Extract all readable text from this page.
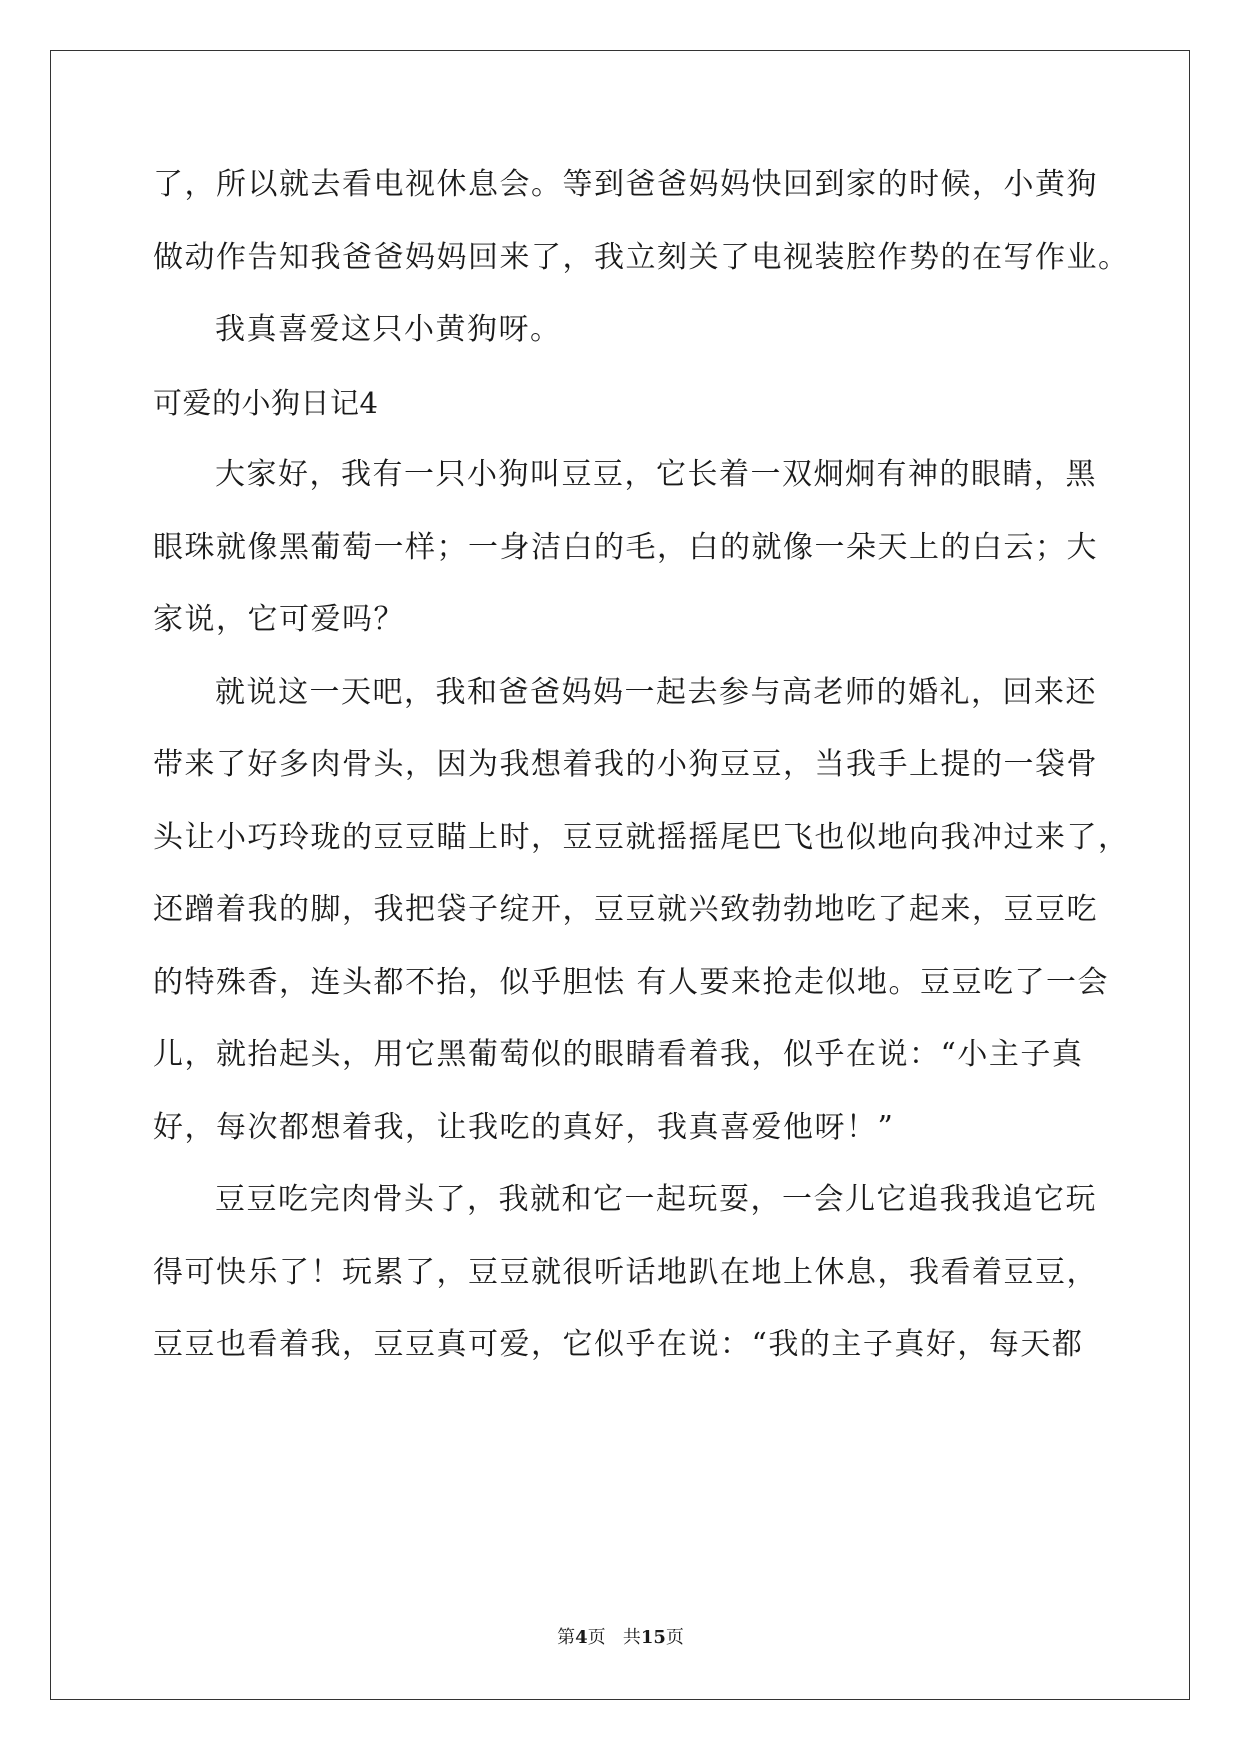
了，所以就去看电视休息会。等到爸爸妈妈快回到家的时候，小黄狗
做动作告知我爸爸妈妈回来了，我立刻关了电视装腔作势的在写作业。
我真喜爱这只小黄狗呀。
可爱的小狗日记4
大家好，我有一只小狗叫豆豆，它长着一双炯炯有神的眼睛，黑
眼珠就像黑葡萄一样；一身洁白的毛，白的就像一朵天上的白云；大
家说，它可爱吗？
就说这一天吧，我和爸爸妈妈一起去参与高老师的婚礼，回来还
带来了好多肉骨头，因为我想着我的小狗豆豆，当我手上提的一袋骨
头让小巧玲珑的豆豆瞄上时，豆豆就摇摇尾巴飞也似地向我冲过来了，
还蹭着我的脚，我把袋子绽开，豆豆就兴致勃勃地吃了起来，豆豆吃
的特殊香，连头都不抬，似乎胆怯 有人要来抢走似地。豆豆吃了一会
儿，就抬起头，用它黑葡萄似的眼睛看着我，似乎在说：“小主子真
好，每次都想着我，让我吃的真好，我真喜爱他呀！”
豆豆吃完肉骨头了，我就和它一起玩耍，一会儿它追我我追它玩
得可快乐了！玩累了，豆豆就很听话地趴在地上休息，我看着豆豆，
豆豆也看着我，豆豆真可爱，它似乎在说：“我的主子真好，每天都
第4页 共15页
